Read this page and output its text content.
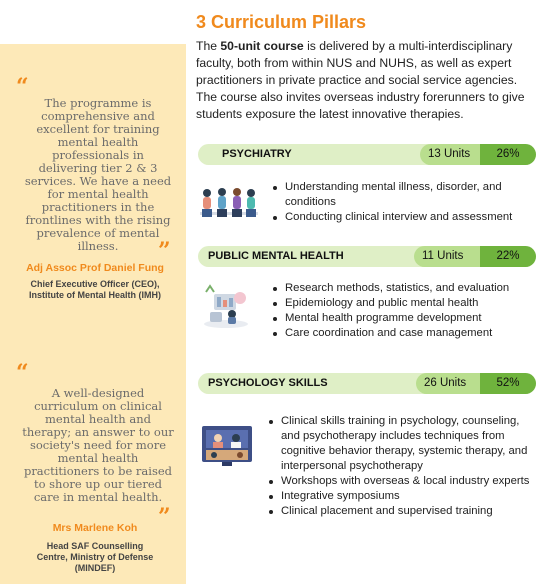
“
The programme is comprehensive and excellent for training mental health professionals in delivering tier 2 & 3 services. We have a need for mental health practitioners in the frontlines with the rising prevalence of mental illness.	”
Adj Assoc Prof Daniel Fung
Chief Executive Officer (CEO), Institute of Mental Health (IMH)
“
A well-designed curriculum on clinical mental health and therapy; an answer to our society's need for more mental health practitioners to be raised to shore up our tiered care in mental health.
”
Mrs Marlene Koh
Head SAF Counselling Centre, Ministry of Defense (MINDEF)
3 Curriculum Pillars
The 50-unit course is delivered by a multi-interdisciplinary faculty, both from within NUS and NUHS, as well as expert practitioners in private practice and social service agencies. The course also invites overseas industry forerunners to give students exposure the latest innovative therapies.
PSYCHIATRY	13 Units	26%
Understanding mental illness, disorder, and conditions
Conducting clinical interview and assessment
PUBLIC MENTAL HEALTH	11 Units	22%
Research methods, statistics, and evaluation
Epidemiology and public mental health
Mental health programme development
Care coordination and case management
PSYCHOLOGY SKILLS	26 Units	52%
Clinical skills training in psychology, counseling, and psychotherapy includes techniques from cognitive behavior therapy, systemic therapy, and interpersonal psychotherapy
Workshops with overseas & local industry experts
Integrative symposiums
Clinical placement and supervised training
